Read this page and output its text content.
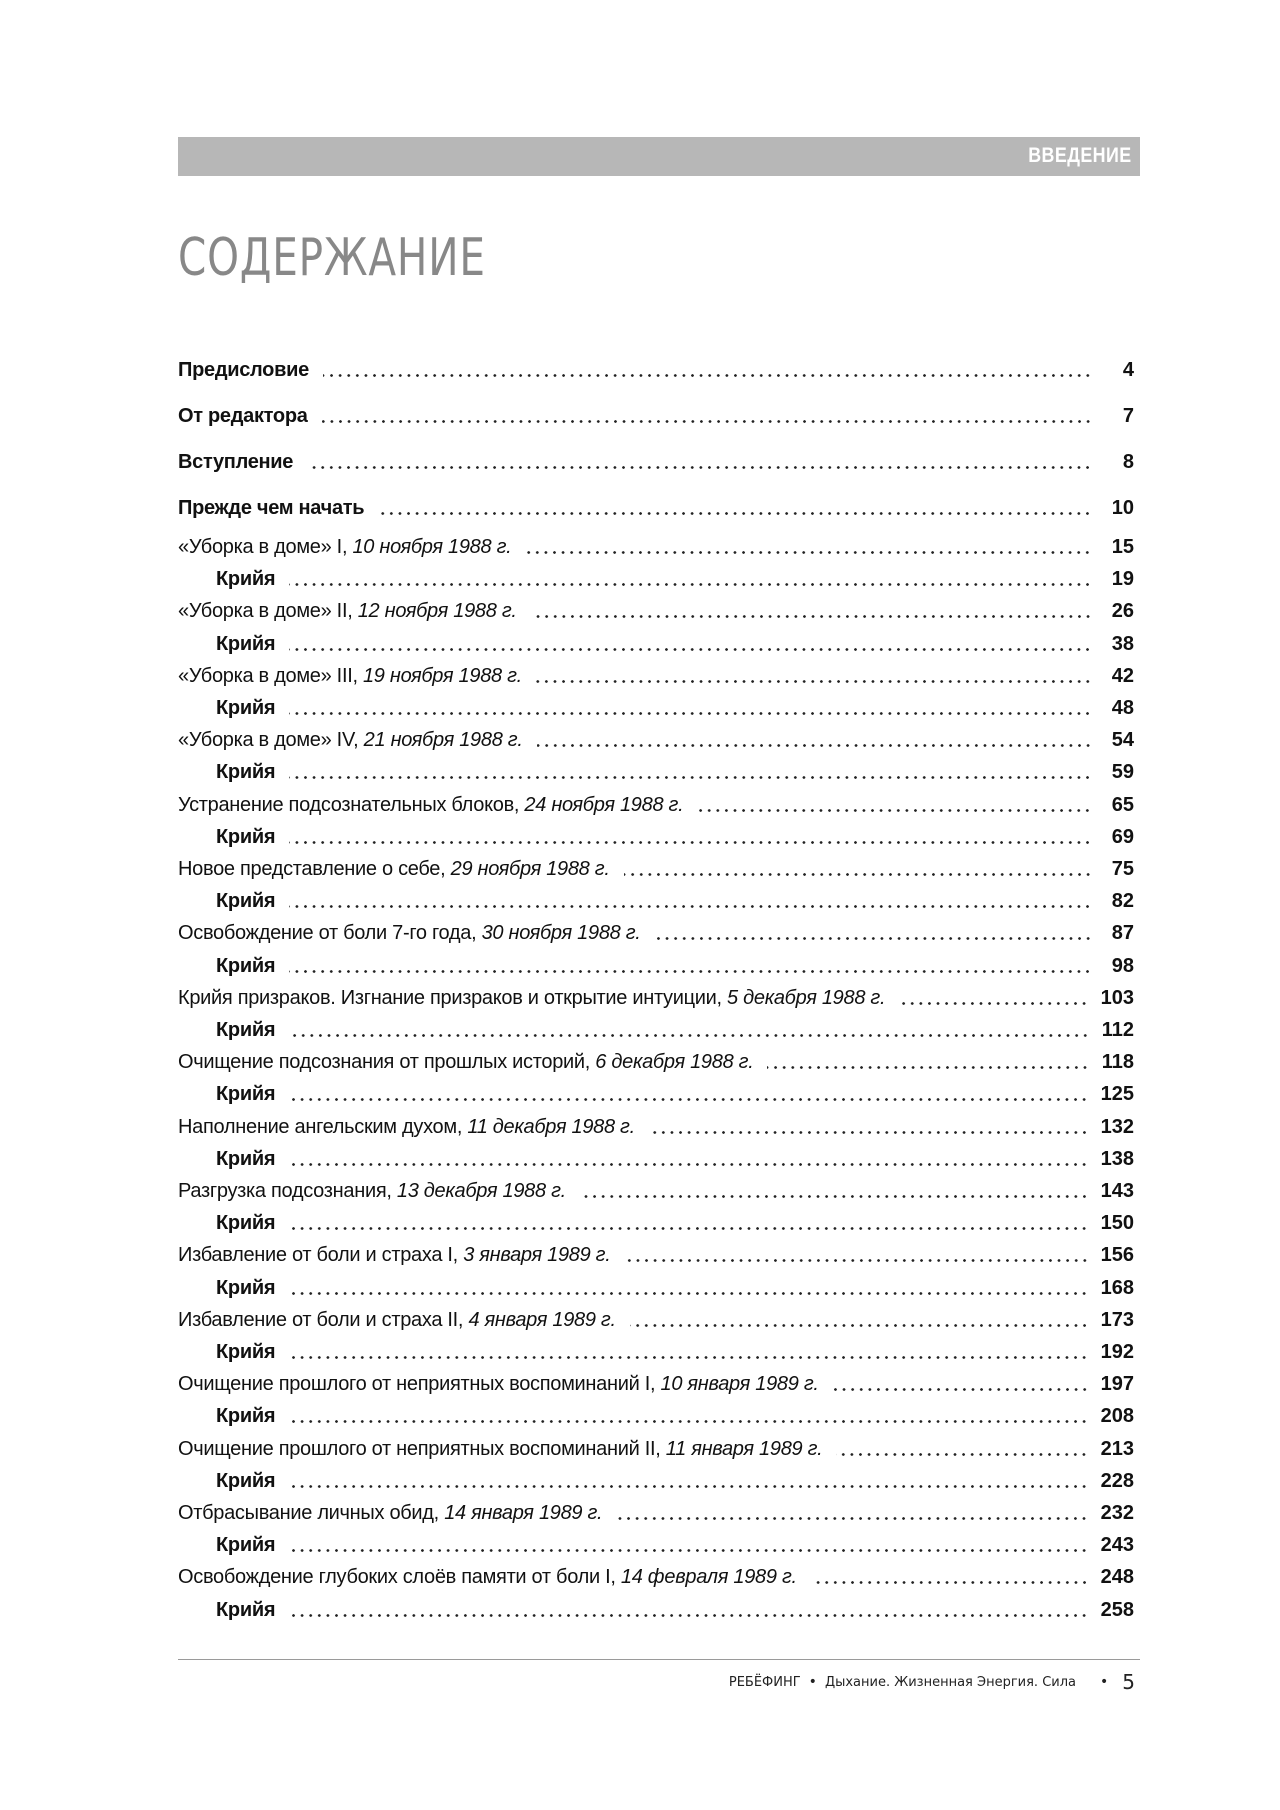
ВВЕДЕНИЕ
СОДЕРЖАНИЕ
Предисловие	4
От редактора	7
Вступление	8
Прежде чем начать	10
«Уборка в доме» I, 10 ноября 1988 г.	15
Крийя	19
«Уборка в доме» II, 12 ноября 1988 г.	26
Крийя	38
«Уборка в доме» III, 19 ноября 1988 г.	42
Крийя	48
«Уборка в доме» IV, 21 ноября 1988 г.	54
Крийя	59
Устранение подсознательных блоков, 24 ноября 1988 г.	65
Крийя	69
Новое представление о себе, 29 ноября 1988 г.	75
Крийя	82
Освобождение от боли 7-го года, 30 ноября 1988 г.	87
Крийя	98
Крийя призраков. Изгнание призраков и открытие интуиции, 5 декабря 1988 г.	103
Крийя	112
Очищение подсознания от прошлых историй, 6 декабря 1988 г.	118
Крийя	125
Наполнение ангельским духом, 11 декабря 1988 г.	132
Крийя	138
Разгрузка подсознания, 13 декабря 1988 г.	143
Крийя	150
Избавление от боли и страха I, 3 января 1989 г.	156
Крийя	168
Избавление от боли и страха II, 4 января 1989 г.	173
Крийя	192
Очищение прошлого от неприятных воспоминаний I, 10 января 1989 г.	197
Крийя	208
Очищение прошлого от неприятных воспоминаний II, 11 января 1989 г.	213
Крийя	228
Отбрасывание личных обид, 14 января 1989 г.	232
Крийя	243
Освобождение глубоких слоёв памяти от боли I, 14 февраля 1989 г.	248
Крийя	258
РЕБЁФИНГ • Дыхание. Жизненная Энергия. Сила • 5
